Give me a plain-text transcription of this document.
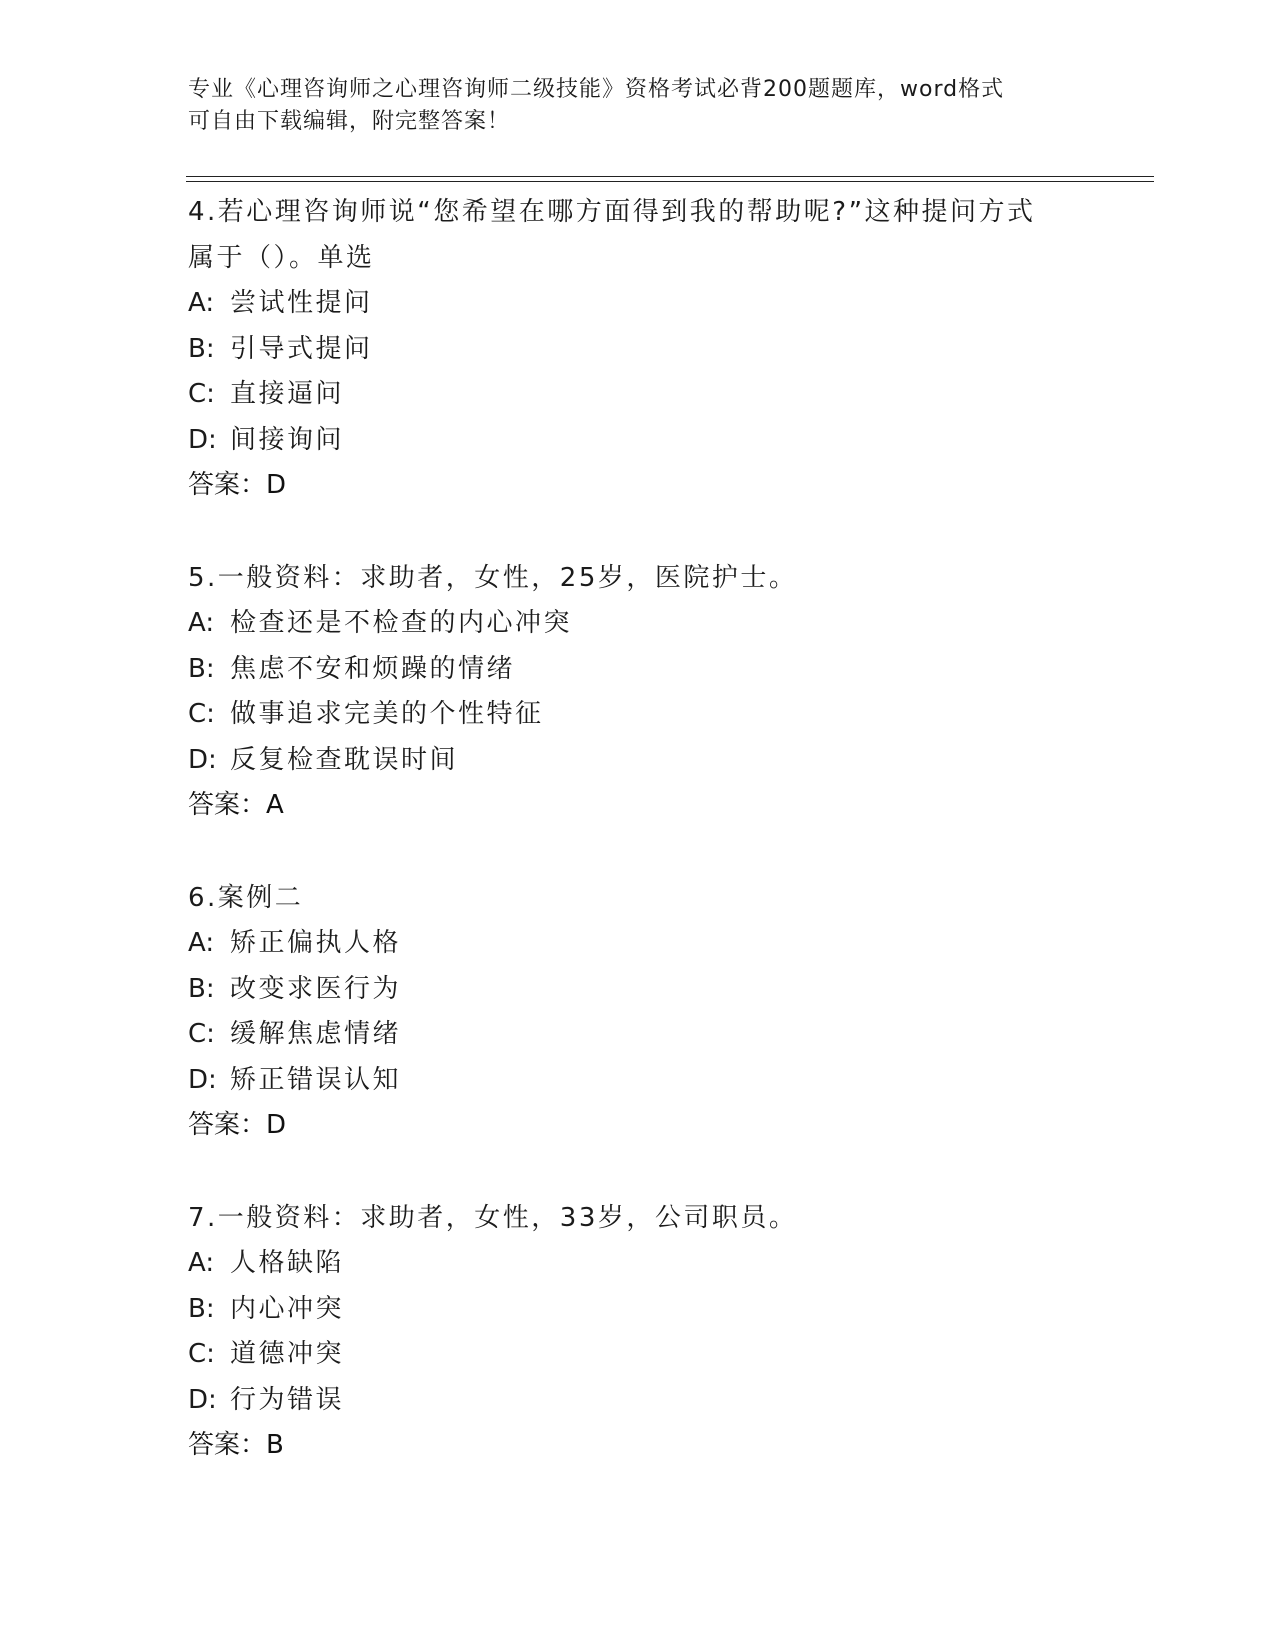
专业《心理咨询师之心理咨询师二级技能》资格考试必背200题题库，word格式
可自由下载编辑，附完整答案！
4.若心理咨询师说“您希望在哪方面得到我的帮助呢?”这种提问方式
属于（）。单选
A: 尝试性提问
B: 引导式提问
C: 直接逼问
D: 间接询问
答案：D
5.一般资料：求助者，女性，25岁，医院护士。
A: 检查还是不检查的内心冲突
B: 焦虑不安和烦躁的情绪
C: 做事追求完美的个性特征
D: 反复检查耽误时间
答案：A
6.案例二
A: 矫正偏执人格
B: 改变求医行为
C: 缓解焦虑情绪
D: 矫正错误认知
答案：D
7.一般资料：求助者，女性，33岁，公司职员。
A: 人格缺陷
B: 内心冲突
C: 道德冲突
D: 行为错误
答案：B
